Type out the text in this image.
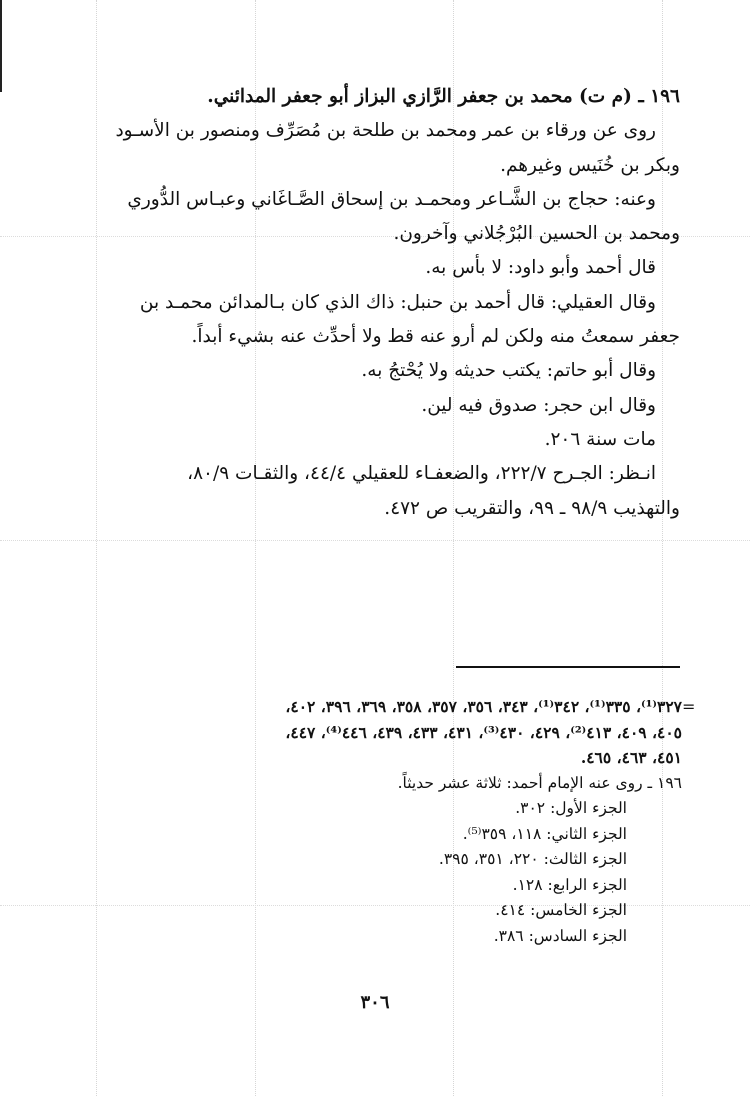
١٩٦ ـ (م ت) محمد بن جعفر الرَّازي البزاز أبو جعفر المدائني.

روى عن ورقاء بن عمر ومحمد بن طلحة بن مُصَرِّف ومنصور بن الأسـود

وبكر بن خُنَيس وغيرهم.

وعنه: حجاج بن الشَّـاعر ومحمـد بن إسحاق الصَّـاغَاني وعبـاس الدُّوري

ومحمد بن الحسين البُرْجُلاني وآخرون.

قال أحمد وأبو داود: لا بأس به.

وقال العقيلي: قال أحمد بن حنبل: ذاك الذي كان بـالمدائن محمـد بن

جعفر سمعتُ منه ولكن لم أرو عنه قط ولا أحدِّث عنه بشيء أبداً.

وقال أبو حاتم: يكتب حديثه ولا يُحْتجُ به.

وقال ابن حجر: صدوق فيه لين.

مات سنة ٢٠٦.

انـظر: الجـرح ٢٢٢/٧، والضعفـاء للعقيلي ٤٤/٤، والثقـات ٨٠/٩،

والتهذيب ٩٨/٩ ـ ٩٩، والتقريب ص ٤٧٢.

=

٣٢٧⁽¹⁾، ٣٣٥⁽¹⁾، ٣٤٢⁽¹⁾، ٣٤٣، ٣٥٦، ٣٥٧، ٣٥٨، ٣٦٩، ٣٩٦، ٤٠٢،

٤٠٥، ٤٠٩، ٤١٣⁽²⁾، ٤٢٩، ٤٣٠⁽³⁾، ٤٣١، ٤٣٣، ٤٣٩، ٤٤٦⁽⁴⁾، ٤٤٧،

٤٥١، ٤٦٣، ٤٦٥.

١٩٦ ـ روى عنه الإمام أحمد: ثلاثة عشر حديثاً.

الجزء الأول: ٣٠٢.

الجزء الثاني: ١١٨، ٣٥٩⁽⁵⁾.

الجزء الثالث: ٢٢٠، ٣٥١، ٣٩٥.

الجزء الرابع: ١٢٨.

الجزء الخامس: ٤١٤.

الجزء السادس: ٣٨٦.

٣٠٦
